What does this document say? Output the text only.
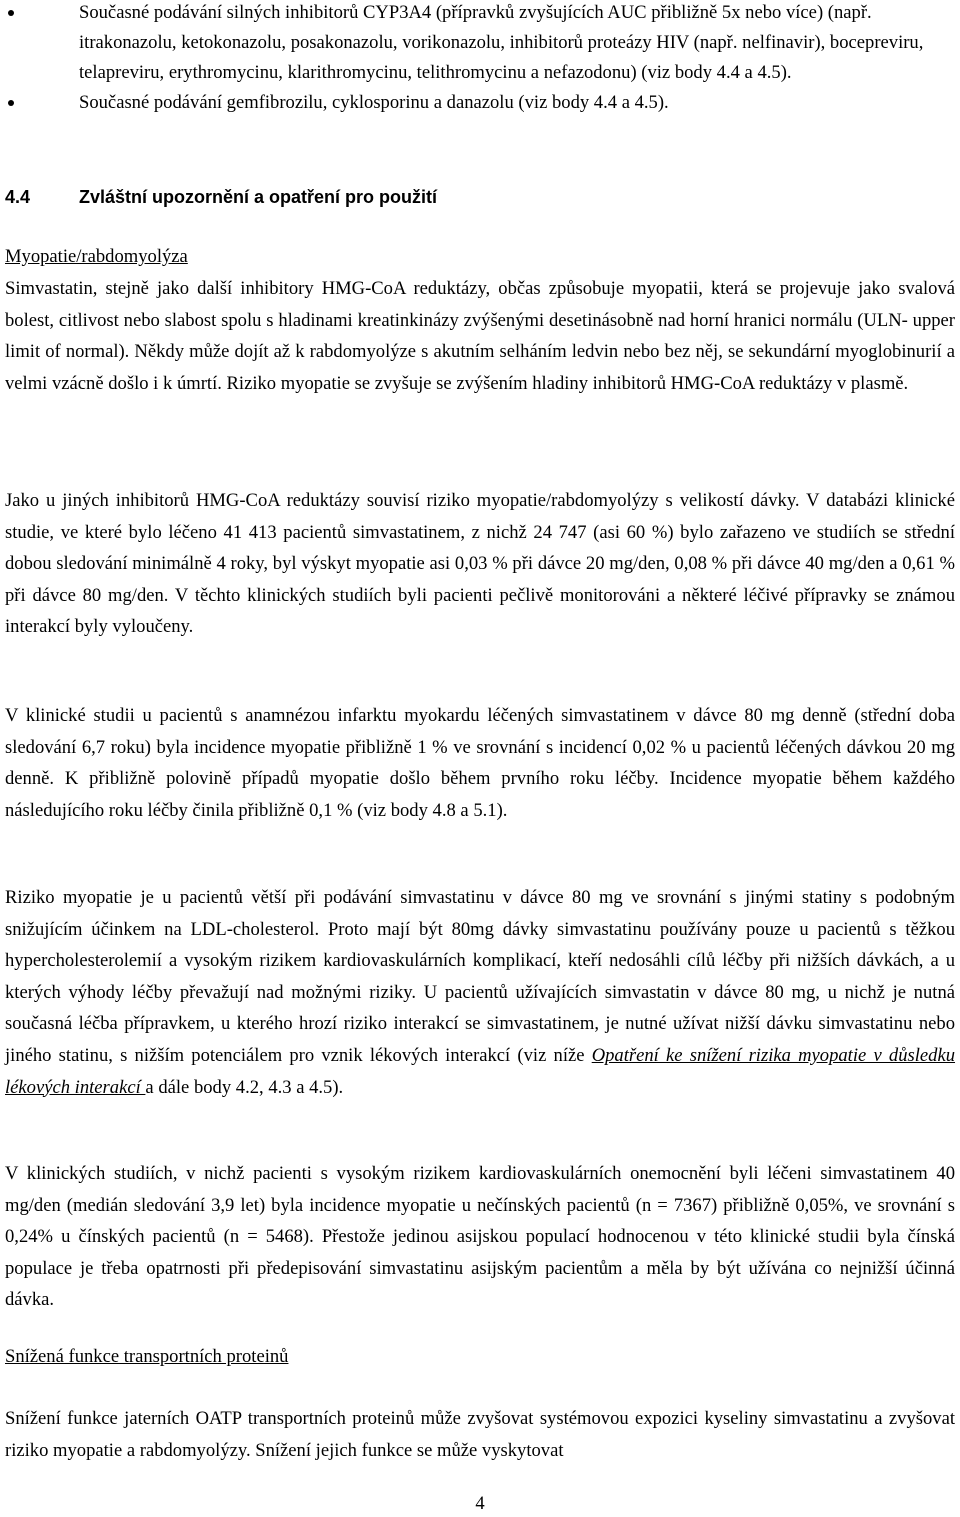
Současné podávání silných inhibitorů CYP3A4 (přípravků zvyšujících AUC přibližně 5x nebo více) (např. itrakonazolu, ketokonazolu, posakonazolu, vorikonazolu, inhibitorů proteázy HIV (např. nelfinavir), bocepreviru, telapreviru, erythromycinu, klarithromycinu, telithromycinu a nefazodonu) (viz body 4.4 a 4.5).
Současné podávání gemfibrozilu, cyklosporinu a danazolu (viz body 4.4 a 4.5).
4.4	Zvláštní upozornění a opatření pro použití
Myopatie/rabdomyolýza

Simvastatin, stejně jako další inhibitory HMG-CoA reduktázy, občas způsobuje myopatii, která se projevuje jako svalová bolest, citlivost nebo slabost spolu s hladinami kreatinkinázy zvýšenými desetinásobně nad horní hranici normálu (ULN- upper limit of normal). Někdy může dojít až k rabdomyolýze s akutním selháním ledvin nebo bez něj, se sekundární myoglobinurií a velmi vzácně došlo i k úmrtí. Riziko myopatie se zvyšuje se zvýšením hladiny inhibitorů HMG-CoA reduktázy v plasmě.

Jako u jiných inhibitorů HMG-CoA reduktázy souvisí riziko myopatie/rabdomyolýzy s velikostí dávky. V databázi klinické studie, ve které bylo léčeno 41 413 pacientů simvastatinem, z nichž 24 747 (asi 60 %) bylo zařazeno ve studiích se střední dobou sledování minimálně 4 roky, byl výskyt myopatie asi 0,03 % při dávce 20 mg/den, 0,08 % při dávce 40 mg/den a 0,61 % při dávce 80 mg/den. V těchto klinických studiích byli pacienti pečlivě monitorováni a některé léčivé přípravky se známou interakcí byly vyloučeny.

V klinické studii u pacientů s anamnézou infarktu myokardu léčených simvastatinem v dávce 80 mg denně (střední doba sledování 6,7 roku) byla incidence myopatie přibližně 1 % ve srovnání s incidencí 0,02 % u pacientů léčených dávkou 20 mg denně. K přibližně polovině případů myopatie došlo během prvního roku léčby. Incidence myopatie během každého následujícího roku léčby činila přibližně 0,1 % (viz body 4.8 a 5.1).

Riziko myopatie je u pacientů větší při podávání simvastatinu v dávce 80 mg ve srovnání s jinými statiny s podobným snižujícím účinkem na LDL-cholesterol. Proto mají být 80mg dávky simvastatinu používány pouze u pacientů s těžkou hypercholesterolemií a vysokým rizikem kardiovaskulárních komplikací, kteří nedosáhli cílů léčby při nižších dávkách, a u kterých výhody léčby převažují nad možnými riziky. U pacientů užívajících simvastatin v dávce 80 mg, u nichž je nutná současná léčba přípravkem, u kterého hrozí riziko interakcí se simvastatinem, je nutné užívat nižší dávku simvastatinu nebo jiného statinu, s nižším potenciálem pro vznik lékových interakcí (viz níže Opatření ke snížení rizika myopatie v důsledku lékových interakcí a dále body 4.2, 4.3 a 4.5).

V klinických studiích, v nichž pacienti s vysokým rizikem kardiovaskulárních onemocnění byli léčeni simvastatinem 40 mg/den (medián sledování 3,9 let) byla incidence myopatie u nečínských pacientů (n = 7367) přibližně 0,05%, ve srovnání s 0,24% u čínských pacientů (n = 5468). Přestože jedinou asijskou populací hodnocenou v této klinické studii byla čínská populace je třeba opatrnosti při předepisování simvastatinu asijským pacientům a měla by být užívána co nejnižší účinná dávka.

Snížená funkce transportních proteinů

Snížení funkce jaterních OATP transportních proteinů může zvyšovat systémovou expozici kyseliny simvastatinu a zvyšovat riziko myopatie a rabdomyolýzy. Snížení jejich funkce se může vyskytovat

4
